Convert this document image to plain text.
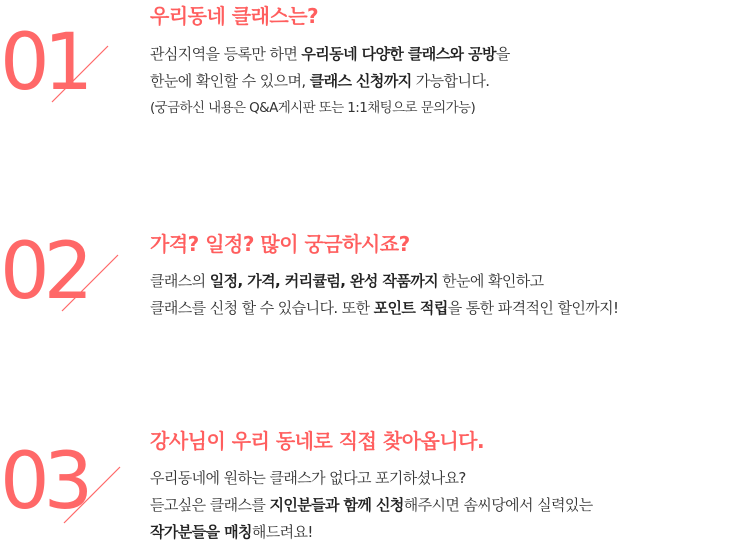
01
우리동네 클래스는?

관심지역을 등록만 하면 우리동네 다양한 클래스와 공방을
한눈에 확인할 수 있으며, 클래스 신청까지 가능합니다.
(궁금하신 내용은 Q&A게시판 또는 1:1채팅으로 문의가능)

02	가격? 일정? 많이 궁금하시죠?

클래스의 일정, 가격, 커리큘럼, 완성 작품까지 한눈에 확인하고
클래스를 신청 할 수 있습니다. 또한 포인트 적립을 통한 파격적인 할인까지!

03	강사님이 우리 동네로 직접 찾아옵니다.

우리동네에 원하는 클래스가 없다고 포기하셨나요?
듣고싶은 클래스를 지인분들과 함께 신청해주시면 솜씨당에서 실력있는
작가분들을 매칭해드려요!
